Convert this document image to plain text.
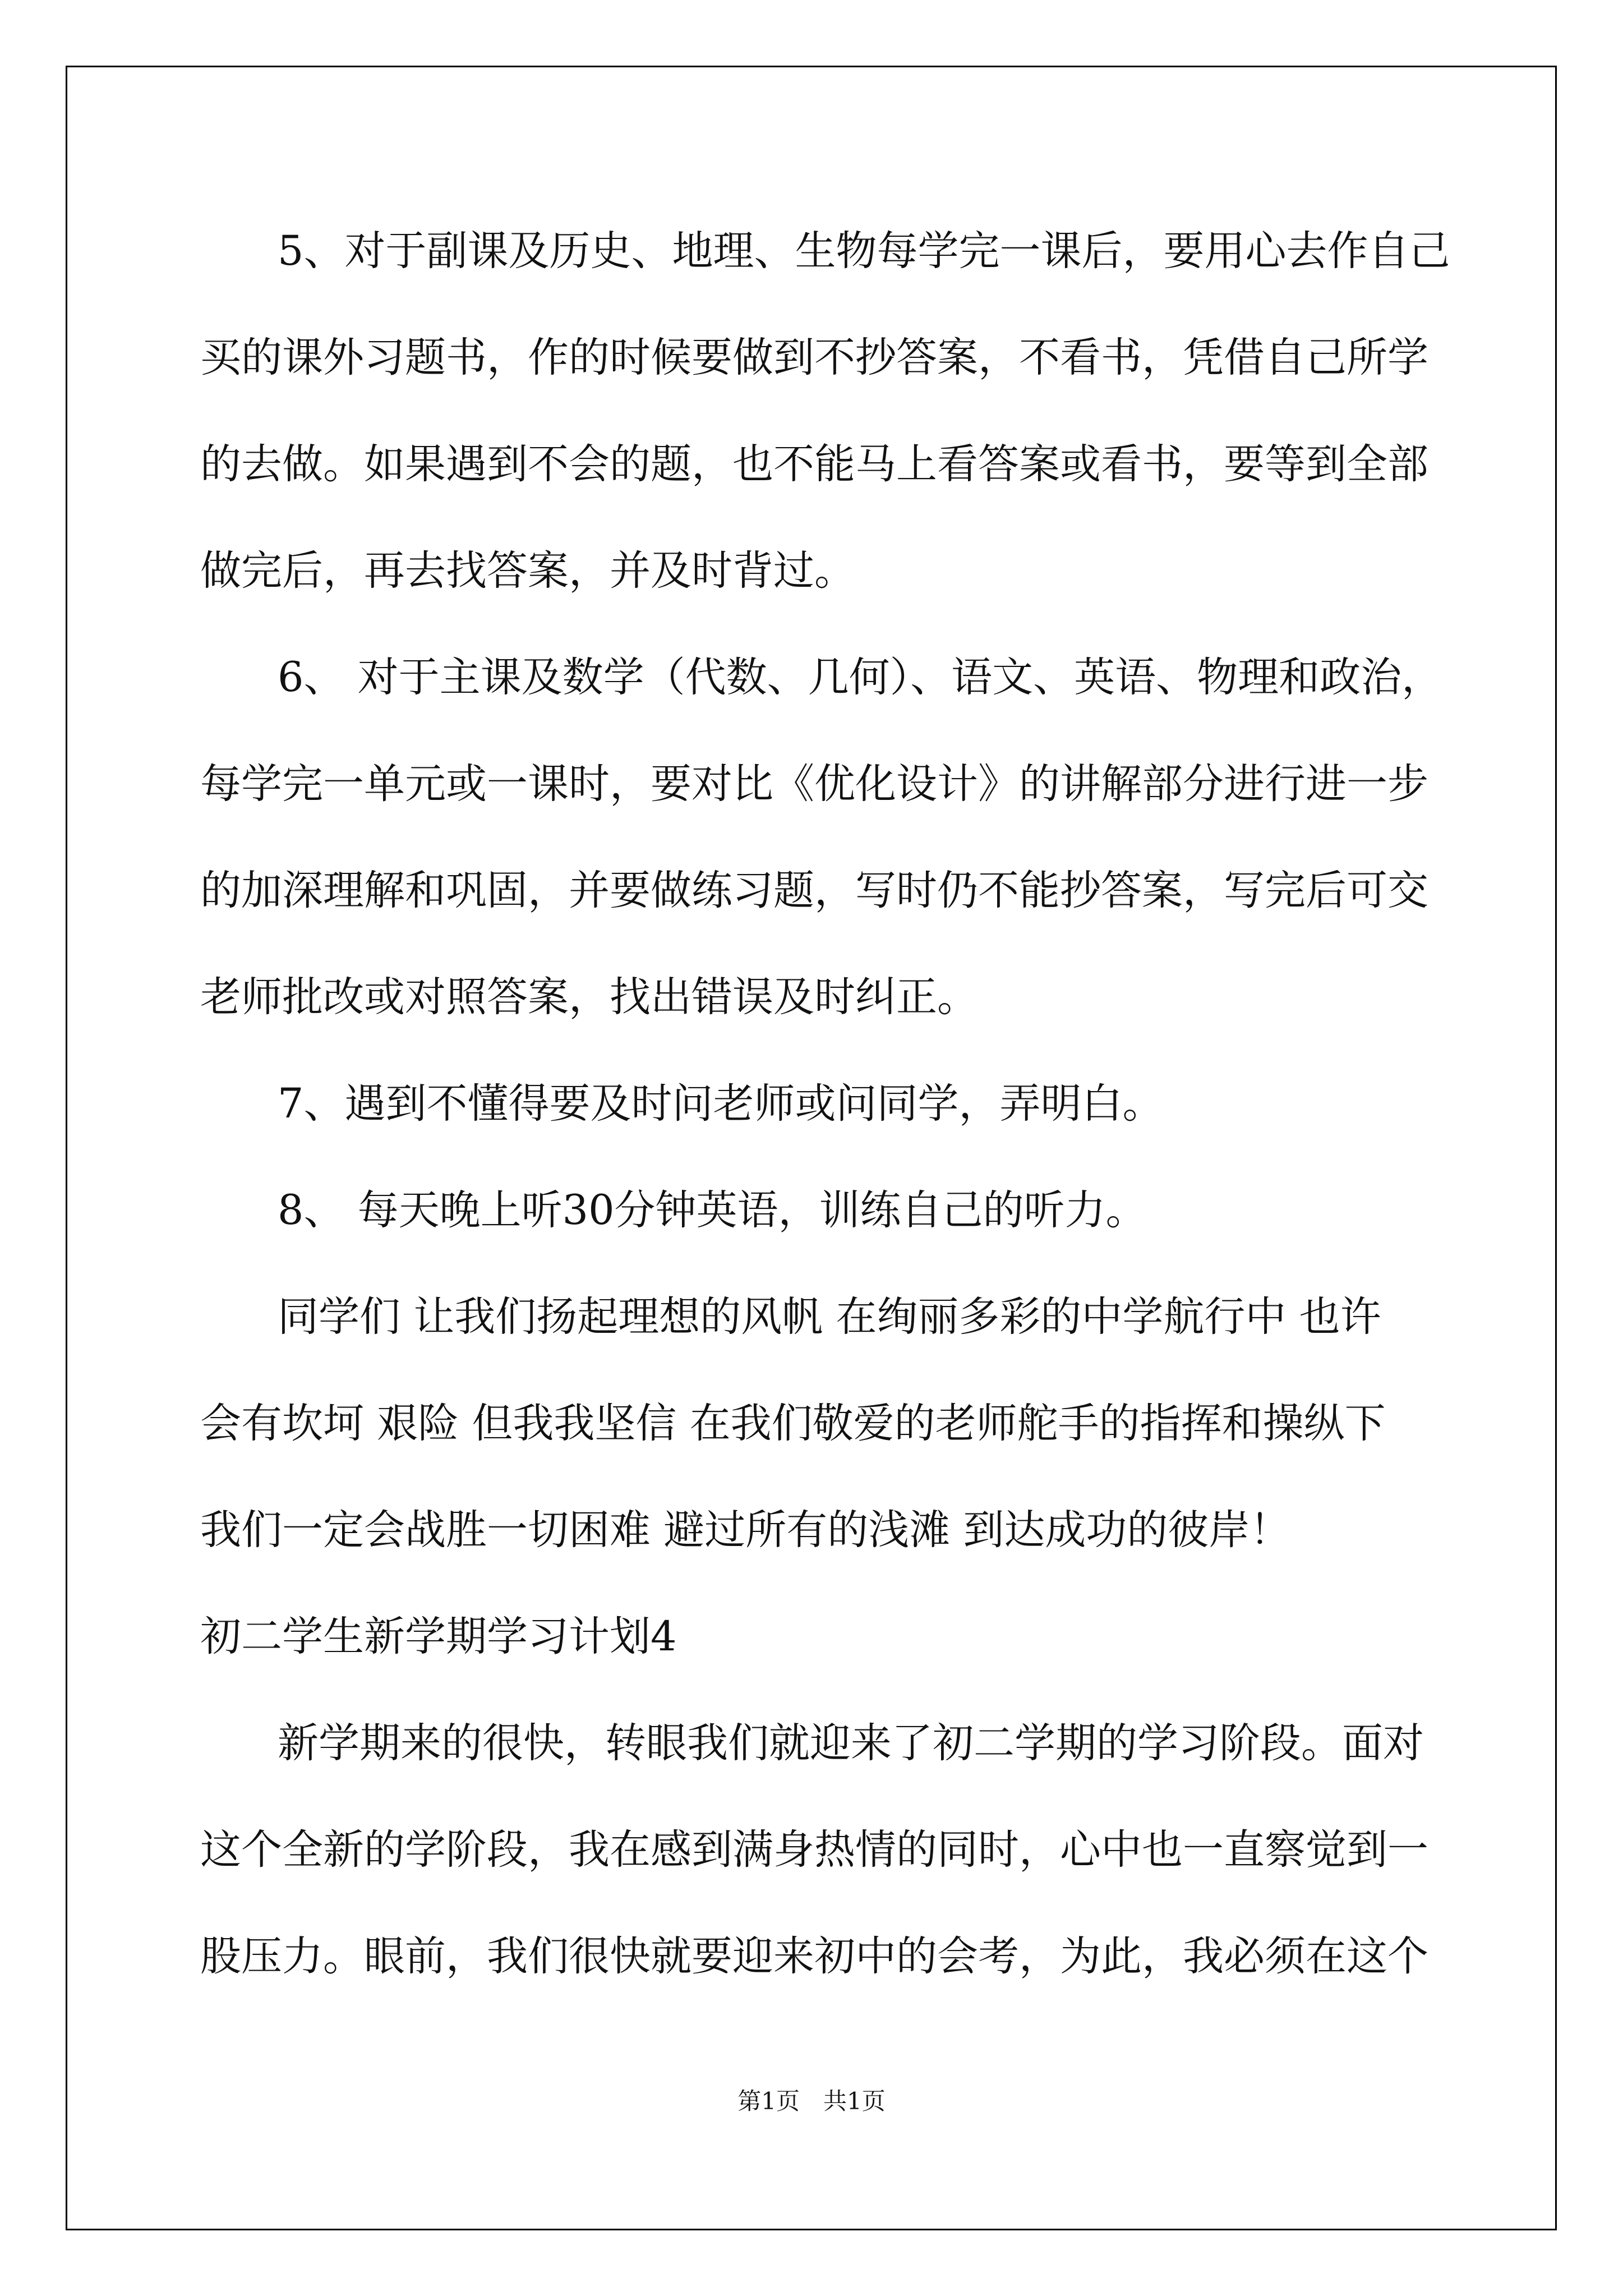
5、对于副课及历史、地理、生物每学完一课后，要用心去作自己
买的课外习题书，作的时候要做到不抄答案，不看书，凭借自己所学
的去做。如果遇到不会的题，也不能马上看答案或看书，要等到全部
做完后，再去找答案，并及时背过。
6、 对于主课及数学（代数、几何）、语文、英语、物理和政治，
每学完一单元或一课时，要对比《优化设计》的讲解部分进行进一步
的加深理解和巩固，并要做练习题，写时仍不能抄答案，写完后可交
老师批改或对照答案，找出错误及时纠正。
7、遇到不懂得要及时问老师或问同学，弄明白。
8、 每天晚上听30分钟英语，训练自己的听力。
同学们 让我们扬起理想的风帆 在绚丽多彩的中学航行中 也许
会有坎坷 艰险 但我我坚信 在我们敬爱的老师舵手的指挥和操纵下
我们一定会战胜一切困难 避过所有的浅滩 到达成功的彼岸！
初二学生新学期学习计划4
新学期来的很快，转眼我们就迎来了初二学期的学习阶段。面对
这个全新的学阶段，我在感到满身热情的同时，心中也一直察觉到一
股压力。眼前，我们很快就要迎来初中的会考，为此，我必须在这个
第1页　共1页
